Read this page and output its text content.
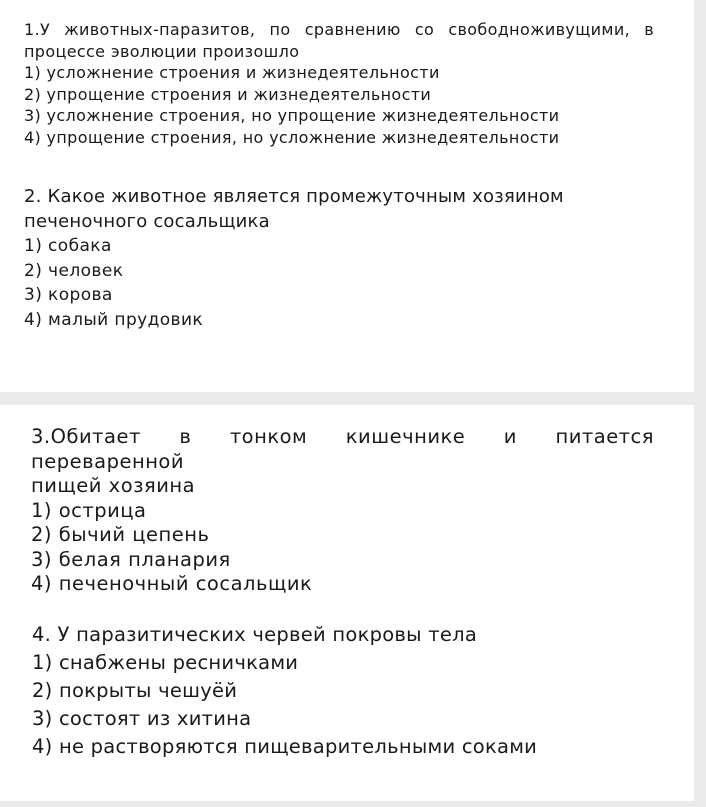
1.У животных-паразитов, по сравнению со свободноживущими, в
процессе эволюции произошло
1) усложнение строения и жизнедеятельности
2) упрощение строения и жизнедеятельности
3) усложнение строения, но упрощение жизнедеятельности
4) упрощение строения, но усложнение жизнедеятельности
2. Какое животное является промежуточным хозяином
печеночного сосальщика
1) собака
2) человек
3) корова
4) малый прудовик
3.Обитает в тонком кишечнике и питается переваренной
пищей хозяина
1) острица
2) бычий цепень
3) белая планария
4) печеночный сосальщик
4. У паразитических червей покровы тела
1) снабжены ресничками
2) покрыты чешуёй
3) состоят из хитина
4) не растворяются пищеварительными соками
